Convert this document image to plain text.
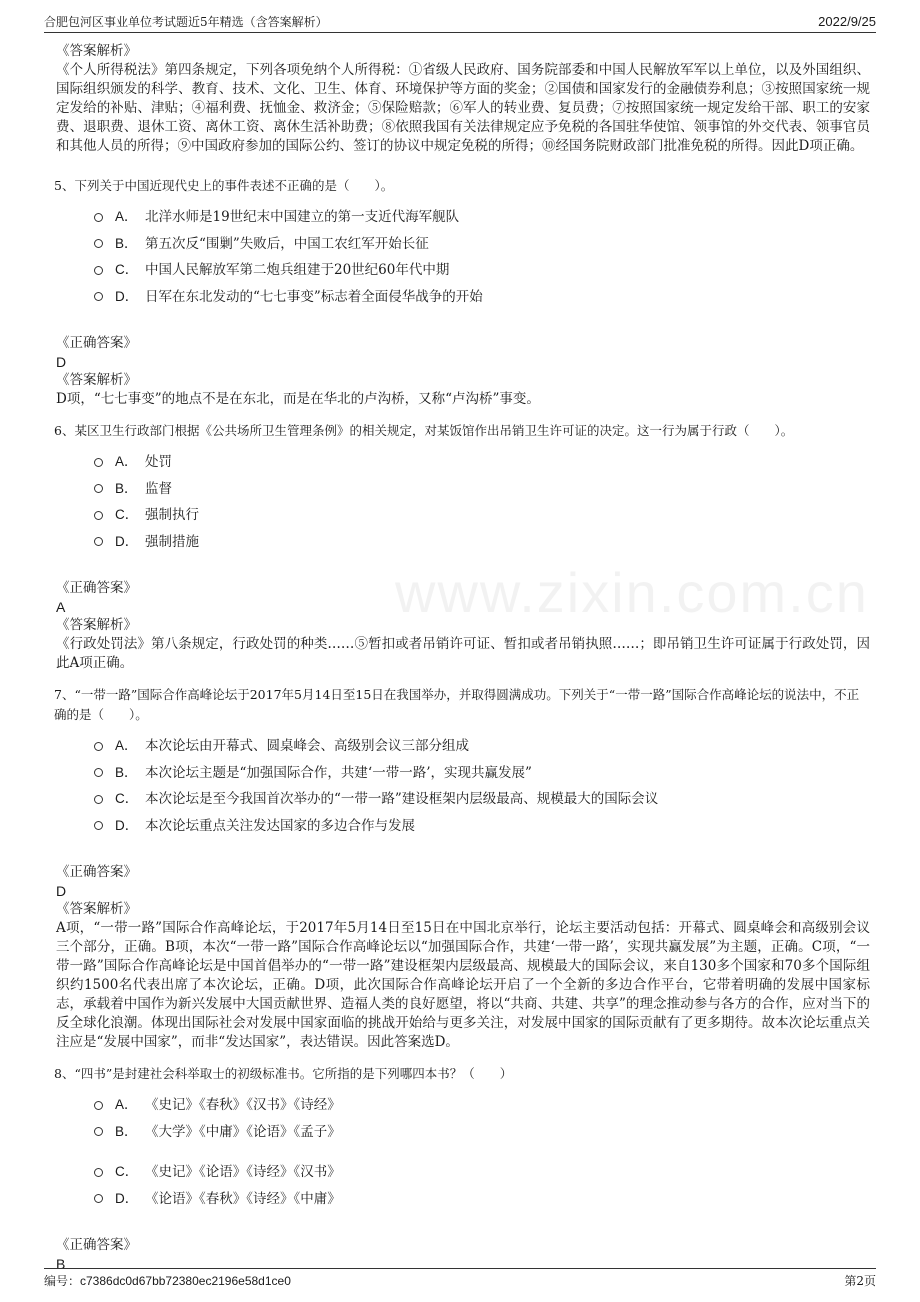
合肥包河区事业单位考试题近5年精选（含答案解析）	2022/9/25
www.zixin.com.cn
《答案解析》
《个人所得税法》第四条规定，下列各项免纳个人所得税：①省级人民政府、国务院部委和中国人民解放军军以上单位，以及外国组织、国际组织颁发的科学、教育、技术、文化、卫生、体育、环境保护等方面的奖金；②国债和国家发行的金融债券利息；③按照国家统一规定发给的补贴、津贴；④福利费、抚恤金、救济金；⑤保险赔款；⑥军人的转业费、复员费；⑦按照国家统一规定发给干部、职工的安家费、退职费、退休工资、离休工资、离休生活补助费；⑧依照我国有关法律规定应予免税的各国驻华使馆、领事馆的外交代表、领事官员和其他人员的所得；⑨中国政府参加的国际公约、签订的协议中规定免税的所得；⑩经国务院财政部门批准免税的所得。因此D项正确。
5、下列关于中国近现代史上的事件表述不正确的是（　　）。
A． 北洋水师是19世纪末中国建立的第一支近代海军舰队
B． 第五次反“围剿”失败后，中国工农红军开始长征
C． 中国人民解放军第二炮兵组建于20世纪60年代中期
D． 日军在东北发动的“七七事变”标志着全面侵华战争的开始
《正确答案》
D
《答案解析》
D项，“七七事变”的地点不是在东北，而是在华北的卢沟桥，又称“卢沟桥”事变。
6、某区卫生行政部门根据《公共场所卫生管理条例》的相关规定，对某饭馆作出吊销卫生许可证的决定。这一行为属于行政（　　）。
A． 处罚
B． 监督
C． 强制执行
D． 强制措施
《正确答案》
A
《答案解析》
《行政处罚法》第八条规定，行政处罚的种类……⑤暂扣或者吊销许可证、暂扣或者吊销执照……；即吊销卫生许可证属于行政处罚，因此A项正确。
7、“一带一路”国际合作高峰论坛于2017年5月14日至15日在我国举办，并取得圆满成功。下列关于“一带一路”国际合作高峰论坛的说法中，不正确的是（　　）。
A． 本次论坛由开幕式、圆桌峰会、高级别会议三部分组成
B． 本次论坛主题是“加强国际合作，共建‘一带一路’，实现共赢发展”
C． 本次论坛是至今我国首次举办的“一带一路”建设框架内层级最高、规模最大的国际会议
D． 本次论坛重点关注发达国家的多边合作与发展
《正确答案》
D
《答案解析》
A项，“一带一路”国际合作高峰论坛，于2017年5月14日至15日在中国北京举行，论坛主要活动包括：开幕式、圆桌峰会和高级别会议三个部分，正确。B项，本次“一带一路”国际合作高峰论坛以“加强国际合作，共建‘一带一路’，实现共赢发展”为主题，正确。C项，“一带一路”国际合作高峰论坛是中国首倡举办的“一带一路”建设框架内层级最高、规模最大的国际会议，来自130多个国家和70多个国际组织约1500名代表出席了本次论坛，正确。D项，此次国际合作高峰论坛开启了一个全新的多边合作平台，它带着明确的发展中国家标志，承载着中国作为新兴发展中大国贡献世界、造福人类的良好愿望，将以“共商、共建、共享”的理念推动参与各方的合作，应对当下的反全球化浪潮。体现出国际社会对发展中国家面临的挑战开始给与更多关注，对发展中国家的国际贡献有了更多期待。故本次论坛重点关注应是“发展中国家”，而非“发达国家”，表达错误。因此答案选D。
8、“四书”是封建社会科举取士的初级标准书。它所指的是下列哪四本书？（　　）
A． 《史记》《春秋》《汉书》《诗经》
B． 《大学》《中庸》《论语》《孟子》
C． 《史记》《论语》《诗经》《汉书》
D． 《论语》《春秋》《诗经》《中庸》
《正确答案》
B
编号：c7386dc0d67bb72380ec2196e58d1ce0	第2页
